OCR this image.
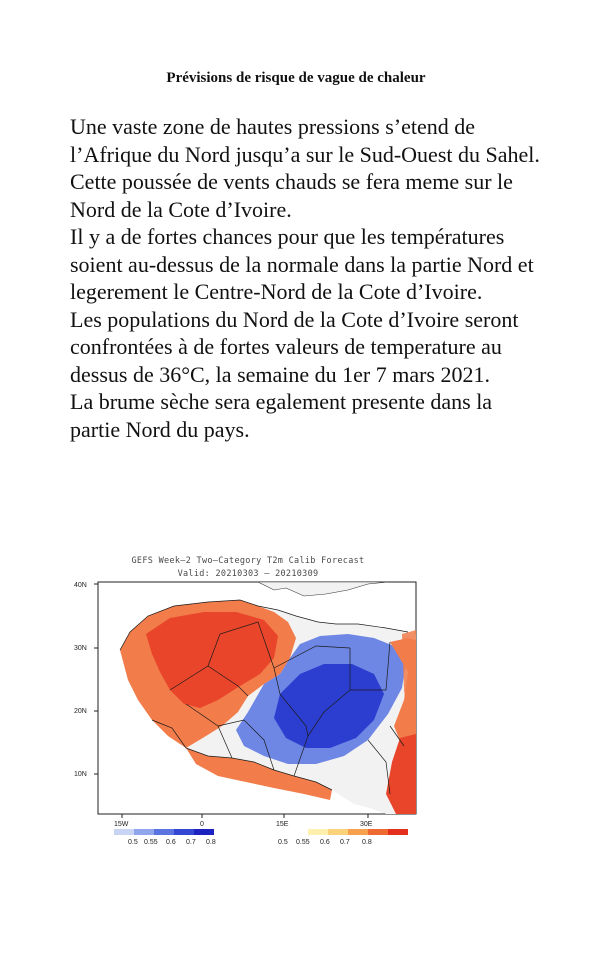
Prévisions de risque de vague de chaleur

Une vaste zone de hautes pressions s’etend de l’Afrique du Nord jusqu’a sur le Sud-Ouest du Sahel.

Cette poussée de vents chauds se fera meme sur le Nord de la Cote d’Ivoire.

Il y a de fortes chances pour que les températures soient au-dessus de la normale dans la partie Nord et legerement le Centre-Nord de la Cote d’Ivoire.

Les populations du Nord de la Cote d’Ivoire seront confrontées à de fortes valeurs de temperature au dessus de 36°C, la semaine du 1er 7 mars 2021.

La brume sèche sera egalement presente dans la partie Nord du pays.

40N
30N
20N
10N
15W	0	15E	30E
0.5 0.55 0.6 0.7 0.8	0.5 0.55 0.6 0.7 0.8
GEFS Week–2 Two–Category T2m Calib Forecast
Valid: 20210303 – 20210309
